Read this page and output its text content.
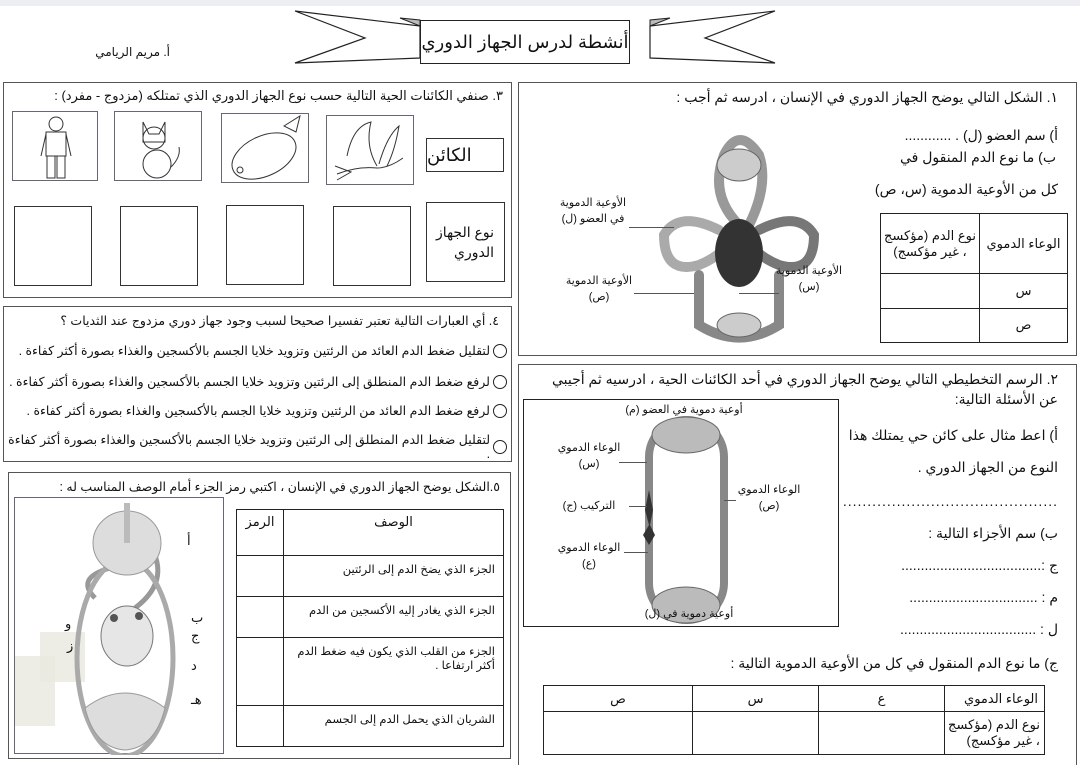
أنشطة لدرس الجهاز الدوري
أ. مريم الريامي
٣. صنفي الكائنات الحية التالية حسب نوع الجهاز الدوري الذي تمتلكه (مزدوج - مفرد) :
الكائن
نوع الجهاز الدوري
١. الشكل التالي يوضح الجهاز الدوري في الإنسان ، ادرسه ثم أجب :
الأوعية الدموية في العضو (ل)
الأوعية الدموية (ص)
الأوعية الدموية (س)
أ) سم العضو (ل) . ............
ب) ما نوع الدم المنقول في
كل من الأوعية الدموية (س، ص)
الوعاء الدموي	نوع الدم (مؤكسج ، غير مؤكسج)
س	
ص	
٤. أي العبارات التالية تعتبر تفسيرا صحيحا لسبب وجود جهاز دوري مزدوج عند الثديات ؟
لتقليل ضغط الدم العائد من الرئتين وتزويد خلايا الجسم بالأكسجين والغذاء بصورة أكثر كفاءة .
لرفع ضغط الدم المنطلق إلى الرئتين وتزويد خلايا الجسم بالأكسجين والغذاء بصورة أكثر كفاءة .
لرفع ضغط الدم العائد من الرئتين وتزويد خلايا الجسم بالأكسجين والغذاء بصورة أكثر كفاءة .
لتقليل ضغط الدم المنطلق إلى الرئتين وتزويد خلايا الجسم بالأكسجين والغذاء بصورة أكثر كفاءة .
٢. الرسم التخطيطي التالي يوضح الجهاز الدوري في أحد الكائنات الحية ، ادرسيه ثم أجيبي
عن الأسئلة التالية:
أوعية دموية في العضو (م)
الوعاء الدموي (س)
التركيب (ج)
الوعاء الدموي (ع)
الوعاء الدموي (ص)
أوعية دموية في (ل)
أ) اعط مثال على كائن حي يمتلك هذا
النوع من الجهاز الدوري .
............................................
ب) سم الأجزاء التالية :
ج :....................................
م : .................................
ل : ...................................
ج) ما نوع الدم المنقول في كل من الأوعية الدموية التالية :
الوعاء الدموي	ع	س	ص
نوع الدم (مؤكسج ، غير مؤكسج)			
٥.الشكل يوضح الجهاز الدوري في الإنسان ، اكتبي رمز الجزء أمام الوصف المناسب له :
أ
ب
ج
د
هـ
و
ز
الوصف	الرمز
الجزء الذي يضخ الدم إلى الرئتين	
الجزء الذي يغادر إليه الأكسجين من الدم	
الجزء من القلب الذي يكون فيه ضغط الدم أكثر ارتفاعا .	
الشريان الذي يحمل الدم إلى الجسم	
